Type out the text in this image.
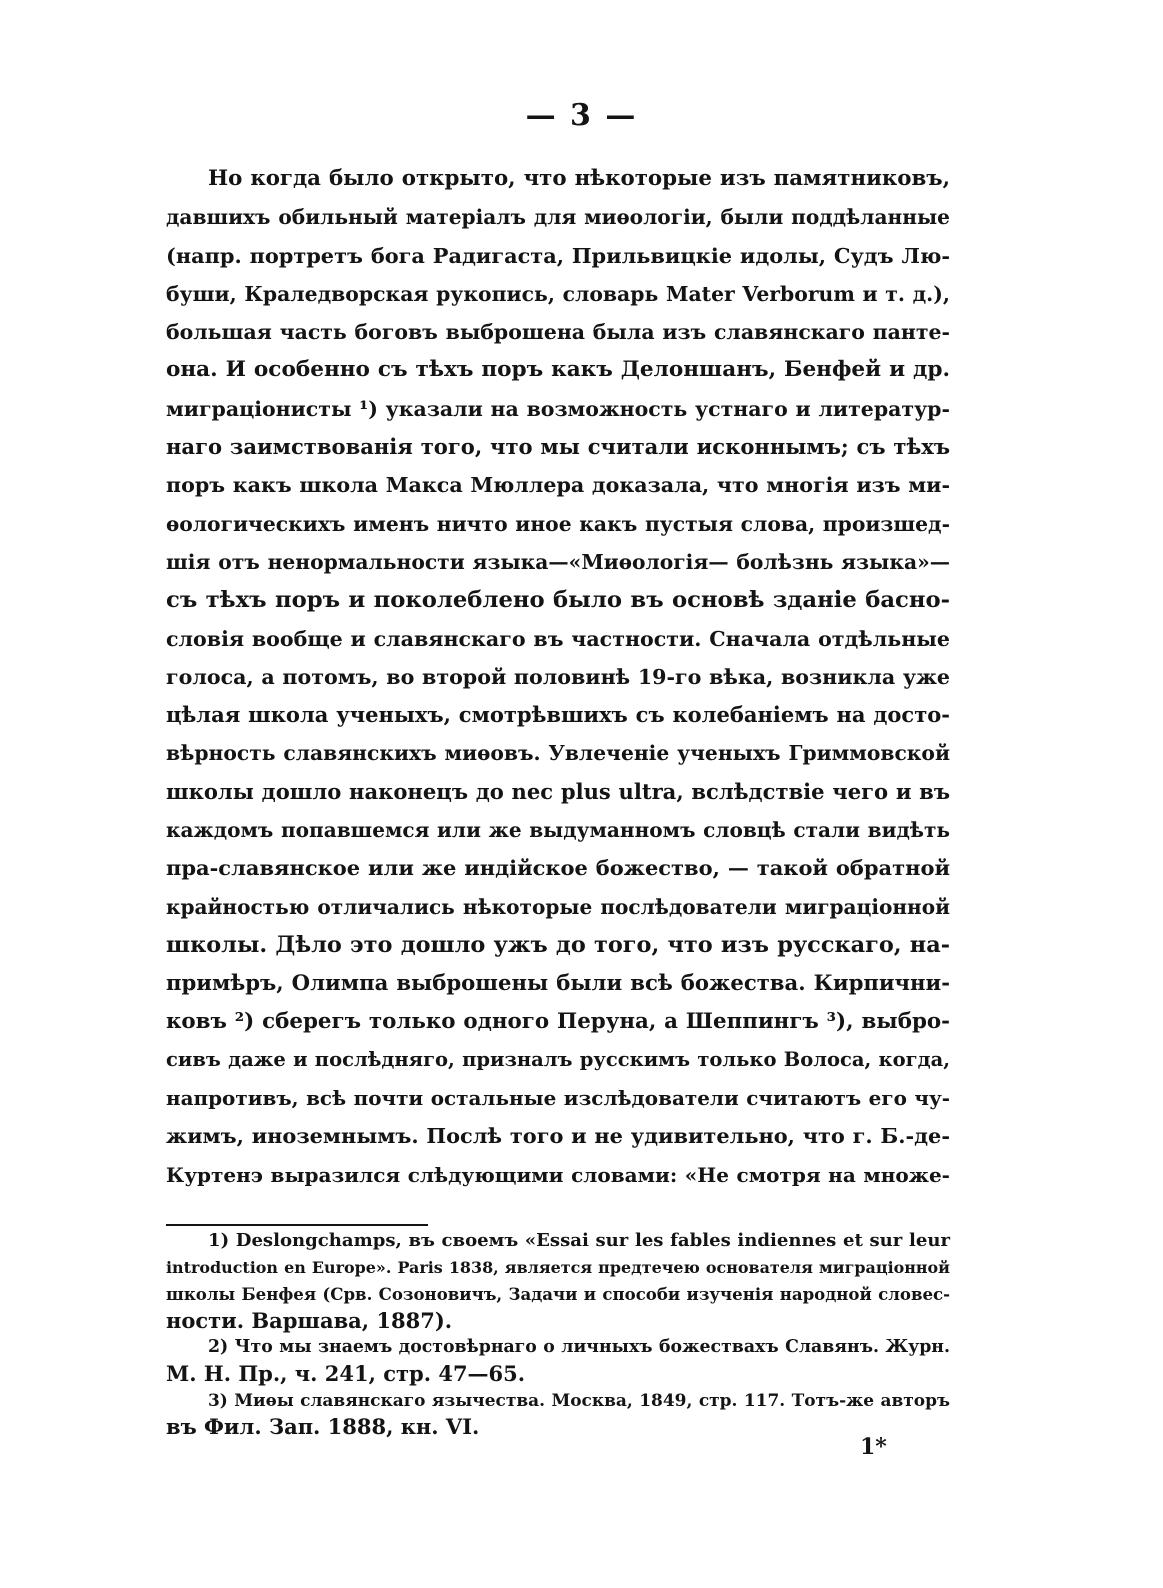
— 3 —
Но когда было открыто, что нѣкоторые изъ памятниковъ,
давшихъ обильный матеріалъ для миѳологіи, были поддѣланные
(напр. портретъ бога Радигаста, Прильвицкіе идолы, Судъ Лю-
буши, Краледворская рукопись, словарь Mater Verborum и т. д.),
большая часть боговъ выброшена была изъ славянскаго панте-
она. И особенно съ тѣхъ поръ какъ Делоншанъ, Бенфей и др.
миграціонисты ¹) указали на возможность устнаго и литератур-
наго заимствованія того, что мы считали исконнымъ; съ тѣхъ
поръ какъ школа Макса Мюллера доказала, что многія изъ ми-
ѳологическихъ именъ ничто иное какъ пустыя слова, произшед-
шія отъ ненормальности языка—«Миѳологія— болѣзнь языка»—
съ тѣхъ поръ и поколеблено было въ основѣ зданіе басно-
словія вообще и славянскаго въ частности. Сначала отдѣльные
голоса, а потомъ, во второй половинѣ 19-го вѣка, возникла уже
цѣлая школа ученыхъ, смотрѣвшихъ съ колебаніемъ на досто-
вѣрность славянскихъ миѳовъ. Увлеченіе ученыхъ Гриммовской
школы дошло наконецъ до nec plus ultra, вслѣдствіе чего и въ
каждомъ попавшемся или же выдуманномъ словцѣ стали видѣть
пра-славянское или же индійское божество, — такой обратной
крайностью отличались нѣкоторые послѣдователи миграціонной
школы. Дѣло это дошло ужъ до того, что изъ русскаго, на-
примѣръ, Олимпа выброшены были всѣ божества. Кирпични-
ковъ ²) сберегъ только одного Перуна, а Шеппингъ ³), выбро-
сивъ даже и послѣдняго, призналъ русскимъ только Волоса, когда,
напротивъ, всѣ почти остальные изслѣдователи считаютъ его чу-
жимъ, иноземнымъ. Послѣ того и не удивительно, что г. Б.-де-
Куртенэ выразился слѣдующими словами: «Не смотря на множе-
1) Deslongchamps, въ своемъ «Essai sur les fables indiennes et sur leur
introduction en Europe». Paris 1838, является предтечею основателя миграціонной
школы Бенфея (Срв. Созоновичъ, Задачи и способи изученія народной словес-
ности. Варшава, 1887).
2) Что мы знаемъ достовѣрнаго о личныхъ божествахъ Славянъ. Журн.
М. Н. Пр., ч. 241, стр. 47—65.
3) Миѳы славянскаго язычества. Москва, 1849, стр. 117. Тотъ-же авторъ
въ Фил. Зап. 1888, кн. VI.
1*
